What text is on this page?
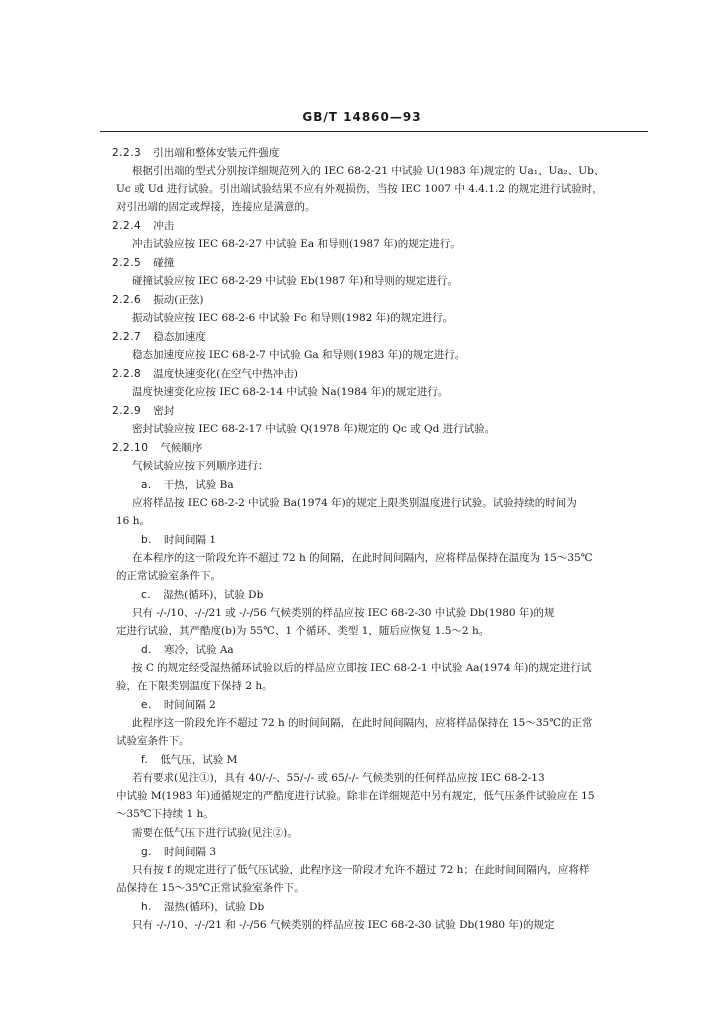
GB/T 14860—93
2.2.3 引出端和整体安装元件强度
根据引出端的型式分别按详细规范列入的 IEC 68-2-21 中试验 U(1983 年)规定的 Ua₁、Ua₂、Ub、
Uc 或 Ud 进行试验。引出端试验结果不应有外观损伤，当按 IEC 1007 中 4.4.1.2 的规定进行试验时，
对引出端的固定或焊接，连接应是满意的。
2.2.4 冲击
冲击试验应按 IEC 68-2-27 中试验 Ea 和导则(1987 年)的规定进行。
2.2.5 碰撞
碰撞试验应按 IEC 68-2-29 中试验 Eb(1987 年)和导则的规定进行。
2.2.6 振动(正弦)
振动试验应按 IEC 68-2-6 中试验 Fc 和导则(1982 年)的规定进行。
2.2.7 稳态加速度
稳态加速度应按 IEC 68-2-7 中试验 Ga 和导则(1983 年)的规定进行。
2.2.8 温度快速变化(在空气中热冲击)
温度快速变化应按 IEC 68-2-14 中试验 Na(1984 年)的规定进行。
2.2.9 密封
密封试验应按 IEC 68-2-17 中试验 Q(1978 年)规定的 Qc 或 Qd 进行试验。
2.2.10 气候顺序
气候试验应按下列顺序进行：
a. 干热，试验 Ba
应将样品按 IEC 68-2-2 中试验 Ba(1974 年)的规定上限类别温度进行试验。试验持续的时间为
16 h。
b. 时间间隔 1
在本程序的这一阶段允许不超过 72 h 的间隔，在此时间间隔内，应将样品保持在温度为 15～35℃
的正常试验室条件下。
c. 湿热(循环)，试验 Db
只有 -/-/10、-/-/21 或 -/-/56 气候类别的样品应按 IEC 68-2-30 中试验 Db(1980 年)的规
定进行试验，其严酷度(b)为 55℃、1 个循环、类型 1，随后应恢复 1.5～2 h。
d. 寒冷，试验 Aa
按 C 的规定经受湿热循环试验以后的样品应立即按 IEC 68-2-1 中试验 Aa(1974 年)的规定进行试
验，在下限类别温度下保持 2 h。
e. 时间间隔 2
此程序这一阶段允许不超过 72 h 的时间间隔，在此时间间隔内，应将样品保持在 15～35℃的正常
试验室条件下。
f. 低气压，试验 M
若有要求(见注①)，具有 40/-/-、55/-/- 或 65/-/- 气候类别的任何样品应按 IEC 68-2-13
中试验 M(1983 年)通循规定的严酷度进行试验。除非在详细规范中另有规定，低气压条件试验应在 15
～35℃下持续 1 h。
需要在低气压下进行试验(见注②)。
g. 时间间隔 3
只有按 f 的规定进行了低气压试验，此程序这一阶段才允许不超过 72 h；在此时间间隔内，应将样
品保持在 15～35℃正常试验室条件下。
h. 湿热(循环)，试验 Db
只有 -/-/10、-/-/21 和 -/-/56 气候类别的样品应按 IEC 68-2-30 试验 Db(1980 年)的规定
